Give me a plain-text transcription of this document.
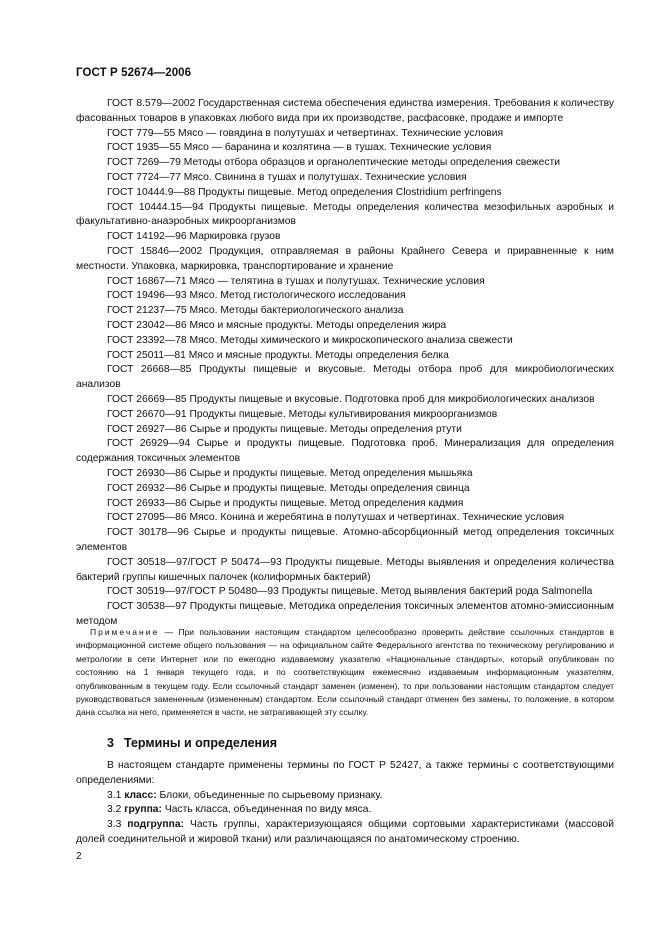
ГОСТ Р 52674—2006

ГОСТ 8.579—2002 Государственная система обеспечения единства измерения. Требования к количеству фасованных товаров в упаковках любого вида при их производстве, расфасовке, продаже и импорте

ГОСТ 779—55 Мясо — говядина в полутушах и четвертинах. Технические условия

ГОСТ 1935—55 Мясо — баранина и козлятина — в тушах. Технические условия

ГОСТ 7269—79 Методы отбора образцов и органолептические методы определения свежести

ГОСТ 7724—77 Мясо. Свинина в тушах и полутушах. Технические условия

ГОСТ 10444.9—88 Продукты пищевые. Метод определения Clostridium perfringens

ГОСТ 10444.15—94 Продукты пищевые. Методы определения количества мезофильных аэробных и факультативно-анаэробных микроорганизмов

ГОСТ 14192—96 Маркировка грузов

ГОСТ 15846—2002 Продукция, отправляемая в районы Крайнего Севера и приравненные к ним местности. Упаковка, маркировка, транспортирование и хранение

ГОСТ 16867—71 Мясо — телятина в тушах и полутушах. Технические условия

ГОСТ 19496—93 Мясо. Метод гистологического исследования

ГОСТ 21237—75 Мясо. Методы бактериологического анализа

ГОСТ 23042—86 Мясо и мясные продукты. Методы определения жира

ГОСТ 23392—78 Мясо. Методы химического и микроскопического анализа свежести

ГОСТ 25011—81 Мясо и мясные продукты. Методы определения белка

ГОСТ 26668—85 Продукты пищевые и вкусовые. Методы отбора проб для микробиологических анализов

ГОСТ 26669—85 Продукты пищевые и вкусовые. Подготовка проб для микробиологических анализов

ГОСТ 26670—91 Продукты пищевые. Методы культивирования микроорганизмов

ГОСТ 26927—86 Сырье и продукты пищевые. Методы определения ртути

ГОСТ 26929—94 Сырье и продукты пищевые. Подготовка проб. Минерализация для определения содержания токсичных элементов

ГОСТ 26930—86 Сырье и продукты пищевые. Метод определения мышьяка

ГОСТ 26932—86 Сырье и продукты пищевые. Методы определения свинца

ГОСТ 26933—86 Сырье и продукты пищевые. Метод определения кадмия

ГОСТ 27095—86 Мясо. Конина и жеребятина в полутушах и четвертинах. Технические условия

ГОСТ 30178—96 Сырье и продукты пищевые. Атомно-абсорбционный метод определения токсичных элементов

ГОСТ 30518—97/ГОСТ Р 50474—93 Продукты пищевые. Методы выявления и определения количества бактерий группы кишечных палочек (колиформных бактерий)

ГОСТ 30519—97/ГОСТ Р 50480—93 Продукты пищевые. Метод выявления бактерий рода Salmonella

ГОСТ 30538—97 Продукты пищевые. Методика определения токсичных элементов атомно-эмиссионным методом

Примечание — При пользовании настоящим стандартом целесообразно проверить действие ссылочных стандартов в информационной системе общего пользования — на официальном сайте Федерального агентства по техническому регулированию и метрологии в сети Интернет или по ежегодно издаваемому указателю «Национальные стандарты», который опубликован по состоянию на 1 января текущего года, и по соответствующим ежемесячно издаваемым информационным указателям, опубликованным в текущем году. Если ссылочный стандарт заменен (изменен), то при пользовании настоящим стандартом следует руководствоваться замененным (измененным) стандартом. Если ссылочный стандарт отменен без замены, то положение, в котором дана ссылка на него, применяется в части, не затрагивающей эту ссылку.

3 Термины и определения

В настоящем стандарте применены термины по ГОСТ Р 52427, а также термины с соответствующими определениями:

3.1 класс: Блоки, объединенные по сырьевому признаку.

3.2 группа: Часть класса, объединенная по виду мяса.

3.3 подгруппа: Часть группы, характеризующаяся общими сортовыми характеристиками (массовой долей соединительной и жировой ткани) или различающаяся по анатомическому строению.

2
